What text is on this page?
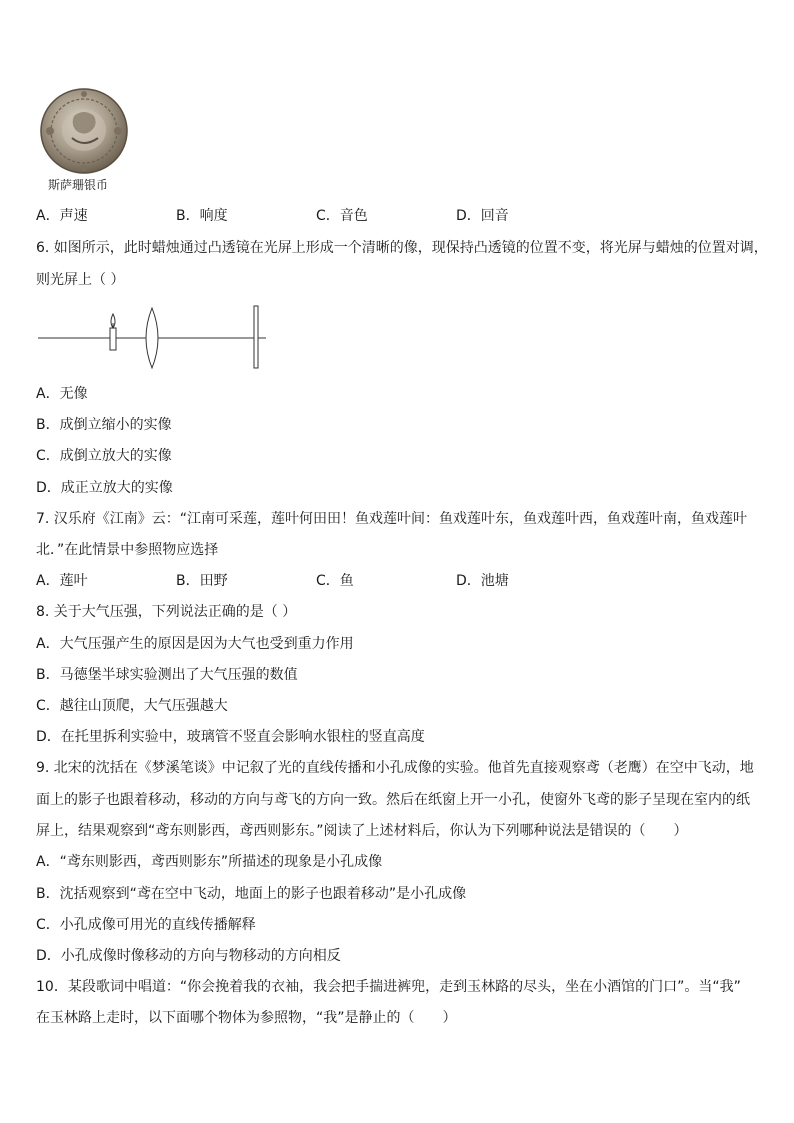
斯萨珊银币
A．声速	B．响度	C．音色	D．回音
6. 如图所示，此时蜡烛通过凸透镜在光屏上形成一个清晰的像，现保持凸透镜的位置不变，将光屏与蜡烛的位置对调，
则光屏上（ ）
A．无像
B．成倒立缩小的实像
C．成倒立放大的实像
D．成正立放大的实像
7. 汉乐府《江南》云：“江南可采莲，莲叶何田田！鱼戏莲叶间：鱼戏莲叶东，鱼戏莲叶西，鱼戏莲叶南，鱼戏莲叶
北．”在此情景中参照物应选择
A．莲叶	B．田野	C．鱼	D．池塘
8. 关于大气压强，下列说法正确的是（ ）
A．大气压强产生的原因是因为大气也受到重力作用
B．马德堡半球实验测出了大气压强的数值
C．越往山顶爬，大气压强越大
D．在托里拆利实验中，玻璃管不竖直会影响水银柱的竖直高度
9. 北宋的沈括在《梦溪笔谈》中记叙了光的直线传播和小孔成像的实验。他首先直接观察鸢（老鹰）在空中飞动，地
面上的影子也跟着移动，移动的方向与鸢飞的方向一致。然后在纸窗上开一小孔，使窗外飞鸢的影子呈现在室内的纸
屏上，结果观察到“鸢东则影西，鸢西则影东。”阅读了上述材料后，你认为下列哪种说法是错误的（　　）
A．“鸢东则影西，鸢西则影东”所描述的现象是小孔成像
B．沈括观察到“鸢在空中飞动，地面上的影子也跟着移动”是小孔成像
C．小孔成像可用光的直线传播解释
D．小孔成像时像移动的方向与物移动的方向相反
10．某段歌词中唱道：“你会挽着我的衣袖，我会把手揣进裤兜，走到玉林路的尽头，坐在小酒馆的门口”。当“我”
在玉林路上走时，以下面哪个物体为参照物，“我”是静止的（　　）
